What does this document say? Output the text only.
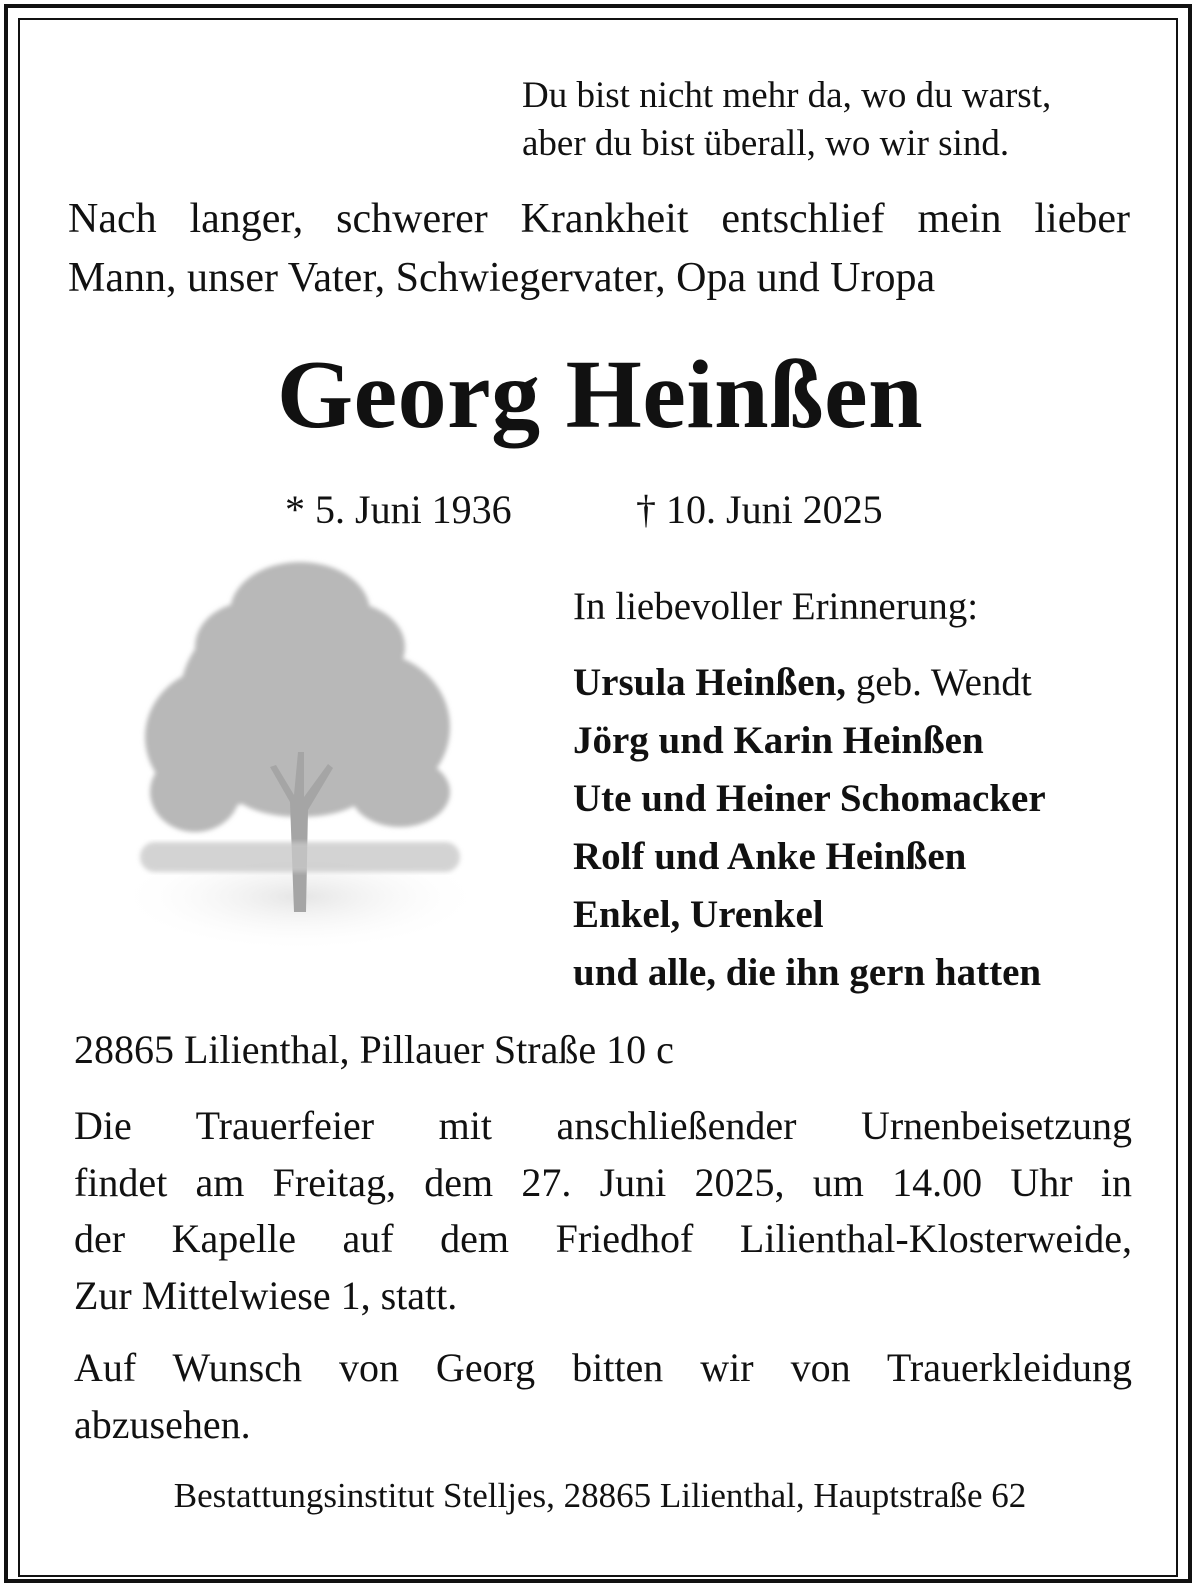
Du bist nicht mehr da, wo du warst,
aber du bist überall, wo wir sind.
Nach langer, schwerer Krankheit entschlief mein lieber
Mann, unser Vater, Schwiegervater, Opa und Uropa
Georg Heinßen
* 5. Juni 1936	† 10. Juni 2025
In liebevoller Erinnerung:
Ursula Heinßen, geb. Wendt
Jörg und Karin Heinßen
Ute und Heiner Schomacker
Rolf und Anke Heinßen
Enkel, Urenkel
und alle, die ihn gern hatten
28865 Lilienthal, Pillauer Straße 10 c
Die Trauerfeier mit anschließender Urnenbeisetzung
findet am Freitag, dem 27. Juni 2025, um 14.00 Uhr in
der Kapelle auf dem Friedhof Lilienthal-Klosterweide,
Zur Mittelwiese 1, statt.
Auf Wunsch von Georg bitten wir von Trauerkleidung
abzusehen.
Bestattungsinstitut Stelljes, 28865 Lilienthal, Hauptstraße 62
